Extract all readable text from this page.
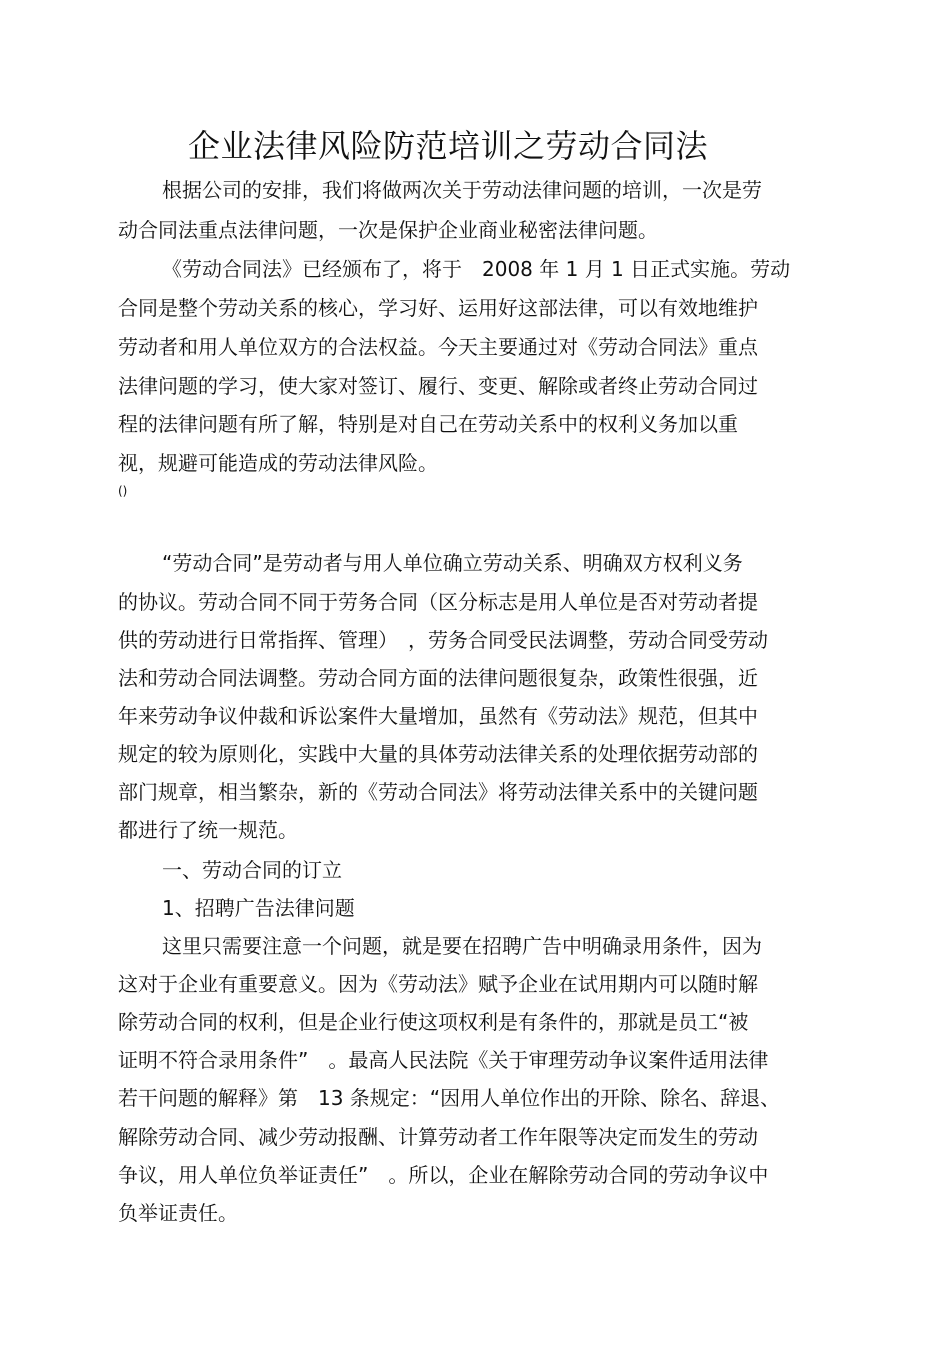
企业法律风险防范培训之劳动合同法

根据公司的安排，我们将做两次关于劳动法律问题的培训，一次是劳

动合同法重点法律问题，一次是保护企业商业秘密法律问题。

《劳动合同法》已经颁布了，将于　2008 年 1 月 1 日正式实施。劳动

合同是整个劳动关系的核心，学习好、运用好这部法律，可以有效地维护

劳动者和用人单位双方的合法权益。今天主要通过对《劳动合同法》重点

法律问题的学习，使大家对签订、履行、变更、解除或者终止劳动合同过

程的法律问题有所了解，特别是对自己在劳动关系中的权利义务加以重

视，规避可能造成的劳动法律风险。

()

“劳动合同”是劳动者与用人单位确立劳动关系、明确双方权利义务

的协议。劳动合同不同于劳务合同（区分标志是用人单位是否对劳动者提

供的劳动进行日常指挥、管理）　，劳务合同受民法调整，劳动合同受劳动

法和劳动合同法调整。劳动合同方面的法律问题很复杂，政策性很强，近

年来劳动争议仲裁和诉讼案件大量增加，虽然有《劳动法》规范，但其中

规定的较为原则化，实践中大量的具体劳动法律关系的处理依据劳动部的

部门规章，相当繁杂，新的《劳动合同法》将劳动法律关系中的关键问题

都进行了统一规范。

一、劳动合同的订立

1、招聘广告法律问题

这里只需要注意一个问题，就是要在招聘广告中明确录用条件，因为

这对于企业有重要意义。因为《劳动法》赋予企业在试用期内可以随时解

除劳动合同的权利，但是企业行使这项权利是有条件的，那就是员工“被

证明不符合录用条件”　。最高人民法院《关于审理劳动争议案件适用法律

若干问题的解释》第　13 条规定：“因用人单位作出的开除、除名、辞退、

解除劳动合同、减少劳动报酬、计算劳动者工作年限等决定而发生的劳动

争议，用人单位负举证责任”　。所以，企业在解除劳动合同的劳动争议中

负举证责任。
